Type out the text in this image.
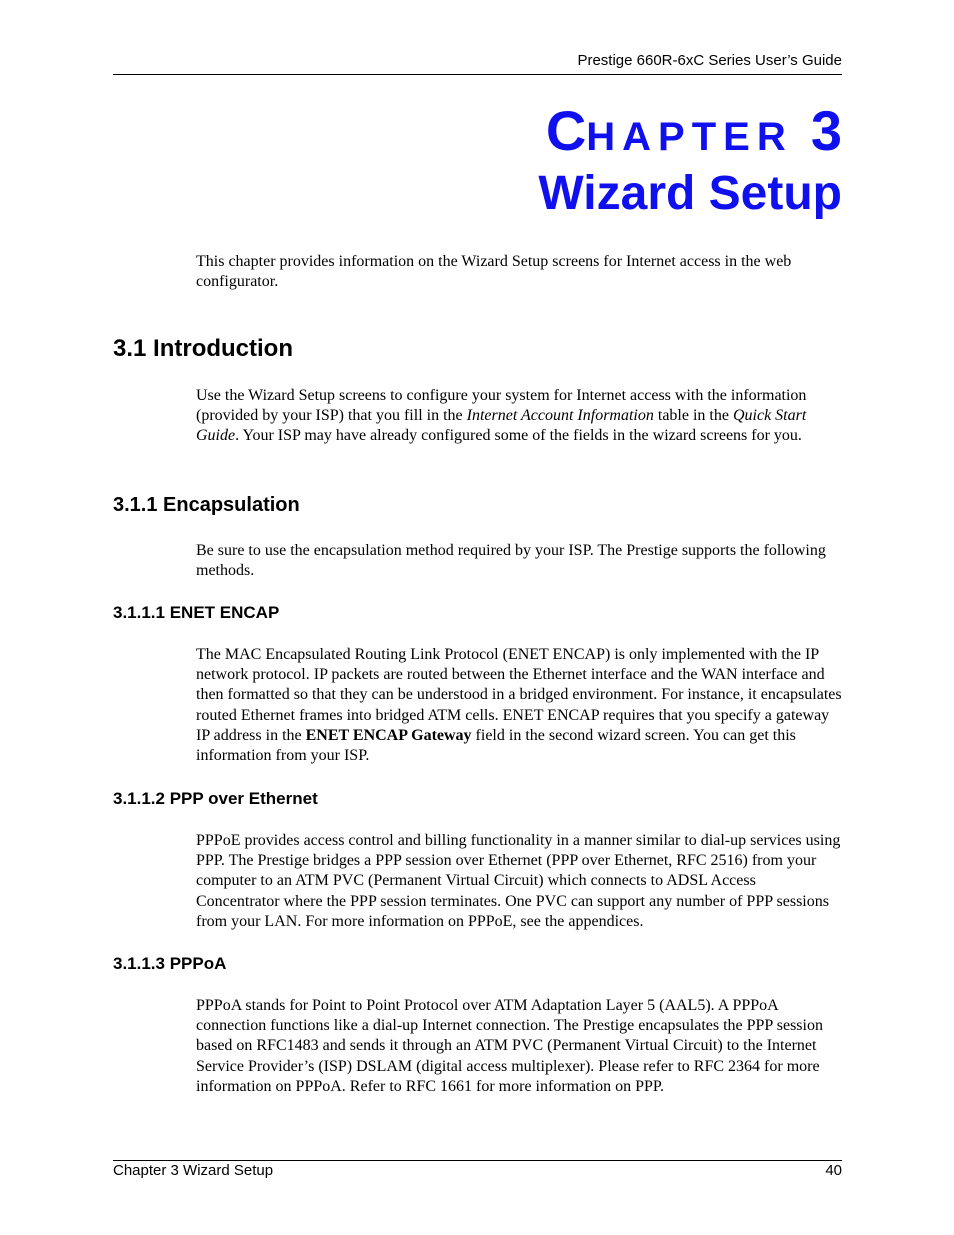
Prestige 660R-6xC Series User’s Guide
CHAPTER 3
Wizard Setup
This chapter provides information on the Wizard Setup screens for Internet access in the web configurator.
3.1 Introduction
Use the Wizard Setup screens to configure your system for Internet access with the information (provided by your ISP) that you fill in the Internet Account Information table in the Quick Start Guide. Your ISP may have already configured some of the fields in the wizard screens for you.
3.1.1 Encapsulation
Be sure to use the encapsulation method required by your ISP. The Prestige supports the following methods.
3.1.1.1 ENET ENCAP
The MAC Encapsulated Routing Link Protocol (ENET ENCAP) is only implemented with the IP network protocol. IP packets are routed between the Ethernet interface and the WAN interface and then formatted so that they can be understood in a bridged environment. For instance, it encapsulates routed Ethernet frames into bridged ATM cells. ENET ENCAP requires that you specify a gateway IP address in the ENET ENCAP Gateway field in the second wizard screen. You can get this information from your ISP.
3.1.1.2 PPP over Ethernet
PPPoE provides access control and billing functionality in a manner similar to dial-up services using PPP. The Prestige bridges a PPP session over Ethernet (PPP over Ethernet, RFC 2516) from your computer to an ATM PVC (Permanent Virtual Circuit) which connects to ADSL Access Concentrator where the PPP session terminates. One PVC can support any number of PPP sessions from your LAN. For more information on PPPoE, see the appendices.
3.1.1.3 PPPoA
PPPoA stands for Point to Point Protocol over ATM Adaptation Layer 5 (AAL5). A PPPoA connection functions like a dial-up Internet connection. The Prestige encapsulates the PPP session based on RFC1483 and sends it through an ATM PVC (Permanent Virtual Circuit) to the Internet Service Provider’s (ISP) DSLAM (digital access multiplexer). Please refer to RFC 2364 for more information on PPPoA. Refer to RFC 1661 for more information on PPP.
Chapter 3 Wizard Setup	40
